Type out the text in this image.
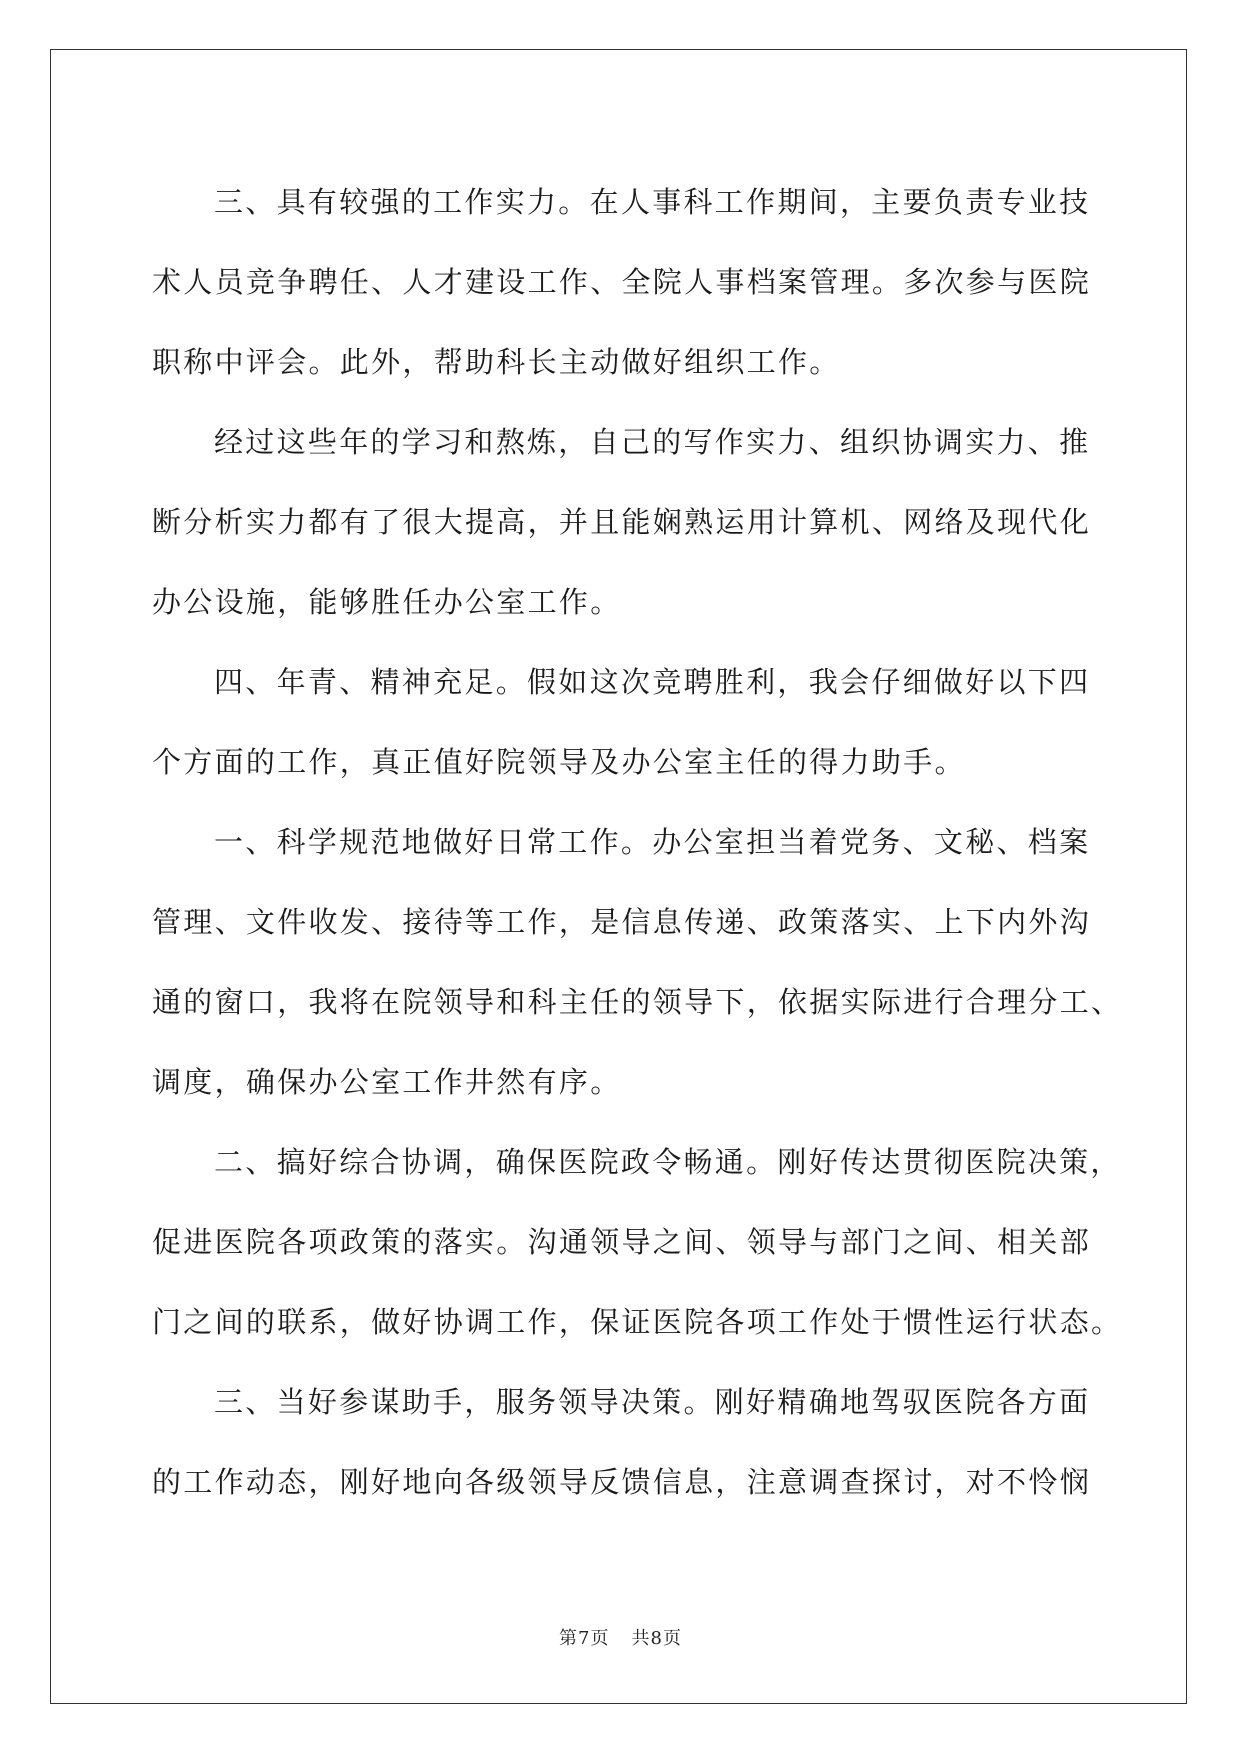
三、具有较强的工作实力。在人事科工作期间，主要负责专业技
术人员竞争聘任、人才建设工作、全院人事档案管理。多次参与医院
职称中评会。此外，帮助科长主动做好组织工作。
经过这些年的学习和熬炼，自己的写作实力、组织协调实力、推
断分析实力都有了很大提高，并且能娴熟运用计算机、网络及现代化
办公设施，能够胜任办公室工作。
四、年青、精神充足。假如这次竞聘胜利，我会仔细做好以下四
个方面的工作，真正值好院领导及办公室主任的得力助手。
一、科学规范地做好日常工作。办公室担当着党务、文秘、档案
管理、文件收发、接待等工作，是信息传递、政策落实、上下内外沟
通的窗口，我将在院领导和科主任的领导下，依据实际进行合理分工、
调度，确保办公室工作井然有序。
二、搞好综合协调，确保医院政令畅通。刚好传达贯彻医院决策，
促进医院各项政策的落实。沟通领导之间、领导与部门之间、相关部
门之间的联系，做好协调工作，保证医院各项工作处于惯性运行状态。
三、当好参谋助手，服务领导决策。刚好精确地驾驭医院各方面
的工作动态，刚好地向各级领导反馈信息，注意调查探讨，对不怜悯
第7页 共8页
